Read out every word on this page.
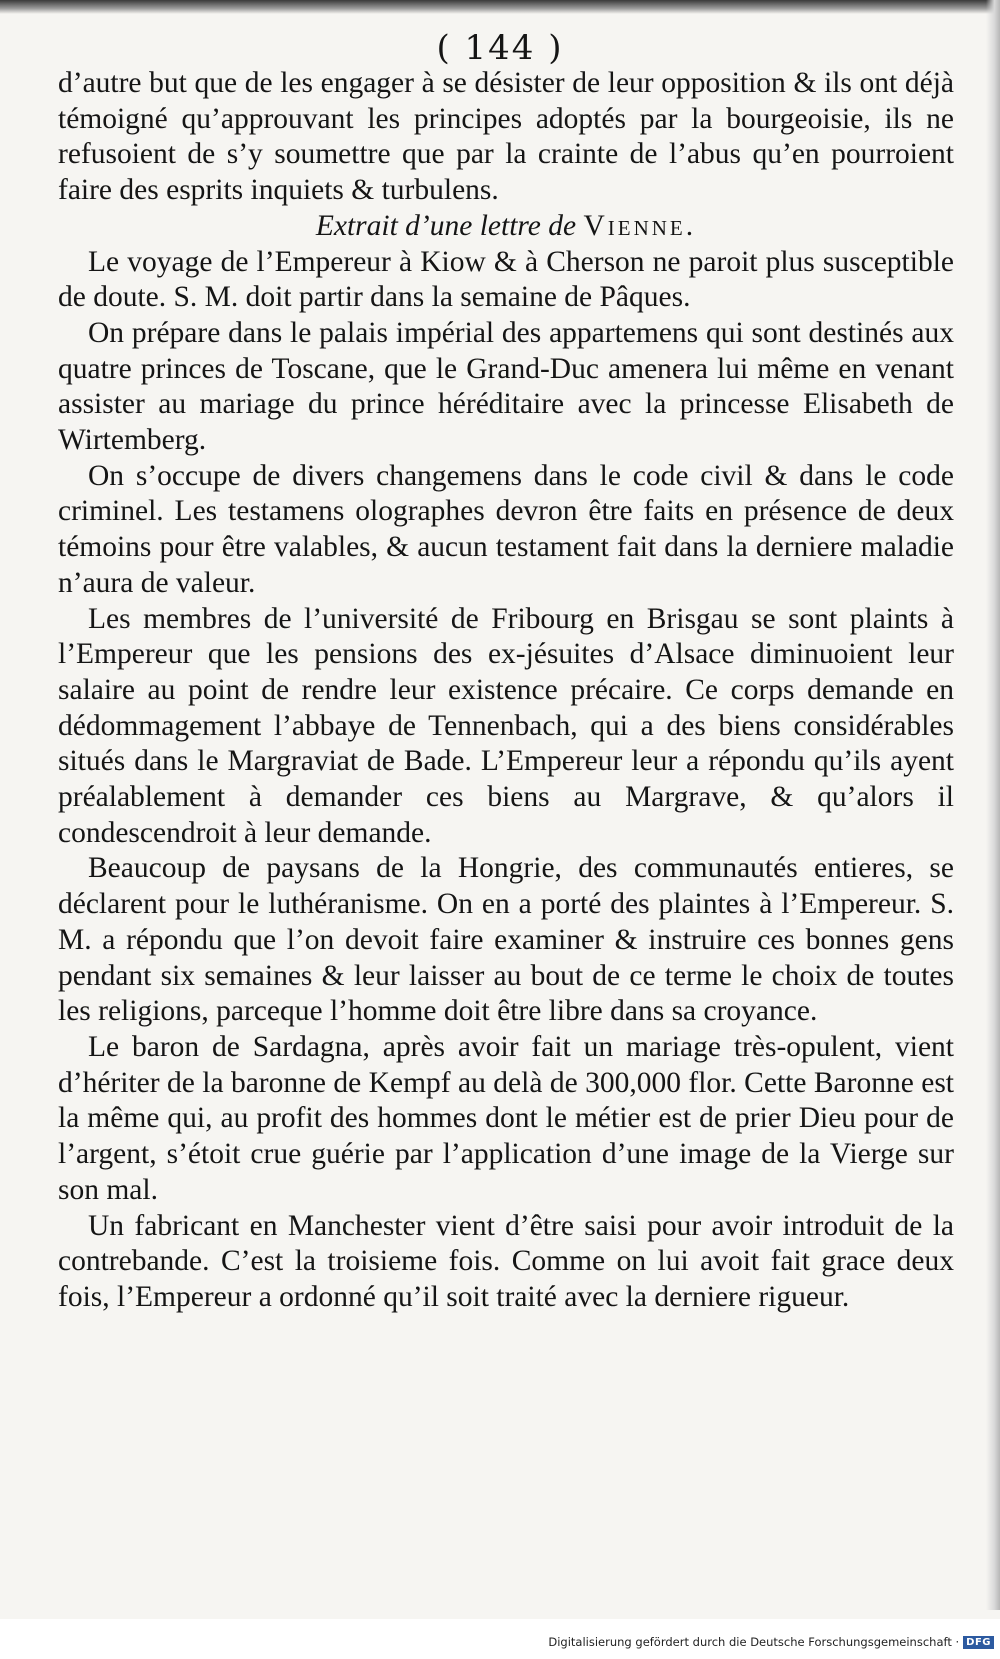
( 144 )

d’autre but que de les engager à se désister de leur opposition & ils ont déjà témoigné qu’approuvant les principes adoptés par la bourgeoisie, ils ne refusoient de s’y soumettre que par la crainte de l’abus qu’en pourroient faire des esprits inquiets & turbulens.

Extrait d’une lettre de Vienne.

Le voyage de l’Empereur à Kiow & à Cherson ne paroit plus susceptible de doute. S. M. doit partir dans la semaine de Pâques.

On prépare dans le palais impérial des appartemens qui sont destinés aux quatre princes de Toscane, que le Grand-Duc amenera lui même en venant assister au mariage du prince héréditaire avec la princesse Elisabeth de Wirtemberg.

On s’occupe de divers changemens dans le code civil & dans le code criminel. Les testamens olographes devron être faits en présence de deux témoins pour être valables, & aucun testament fait dans la derniere maladie n’aura de valeur.

Les membres de l’université de Fribourg en Brisgau se sont plaints à l’Empereur que les pensions des ex-jésuites d’Alsace diminuoient leur salaire au point de rendre leur existence précaire. Ce corps demande en dédommagement l’abbaye de Tennenbach, qui a des biens considérables situés dans le Margraviat de Bade. L’Empereur leur a répondu qu’ils ayent préalablement à demander ces biens au Margrave, & qu’alors il condescendroit à leur demande.

Beaucoup de paysans de la Hongrie, des communautés entieres, se déclarent pour le luthéranisme. On en a porté des plaintes à l’Empereur. S. M. a répondu que l’on devoit faire examiner & instruire ces bonnes gens pendant six semaines & leur laisser au bout de ce terme le choix de toutes les religions, parceque l’homme doit être libre dans sa croyance.

Le baron de Sardagna, après avoir fait un mariage très-opulent, vient d’hériter de la baronne de Kempf au delà de 300,000 flor. Cette Baronne est la même qui, au profit des hommes dont le métier est de prier Dieu pour de l’argent, s’étoit crue guérie par l’application d’une image de la Vierge sur son mal.

Un fabricant en Manchester vient d’être saisi pour avoir introduit de la contrebande. C’est la troisieme fois. Comme on lui avoit fait grace deux fois, l’Empereur a ordonné qu’il soit traité avec la derniere rigueur.

Digitalisierung gefördert durch die Deutsche Forschungsgemeinschaft · DFG
